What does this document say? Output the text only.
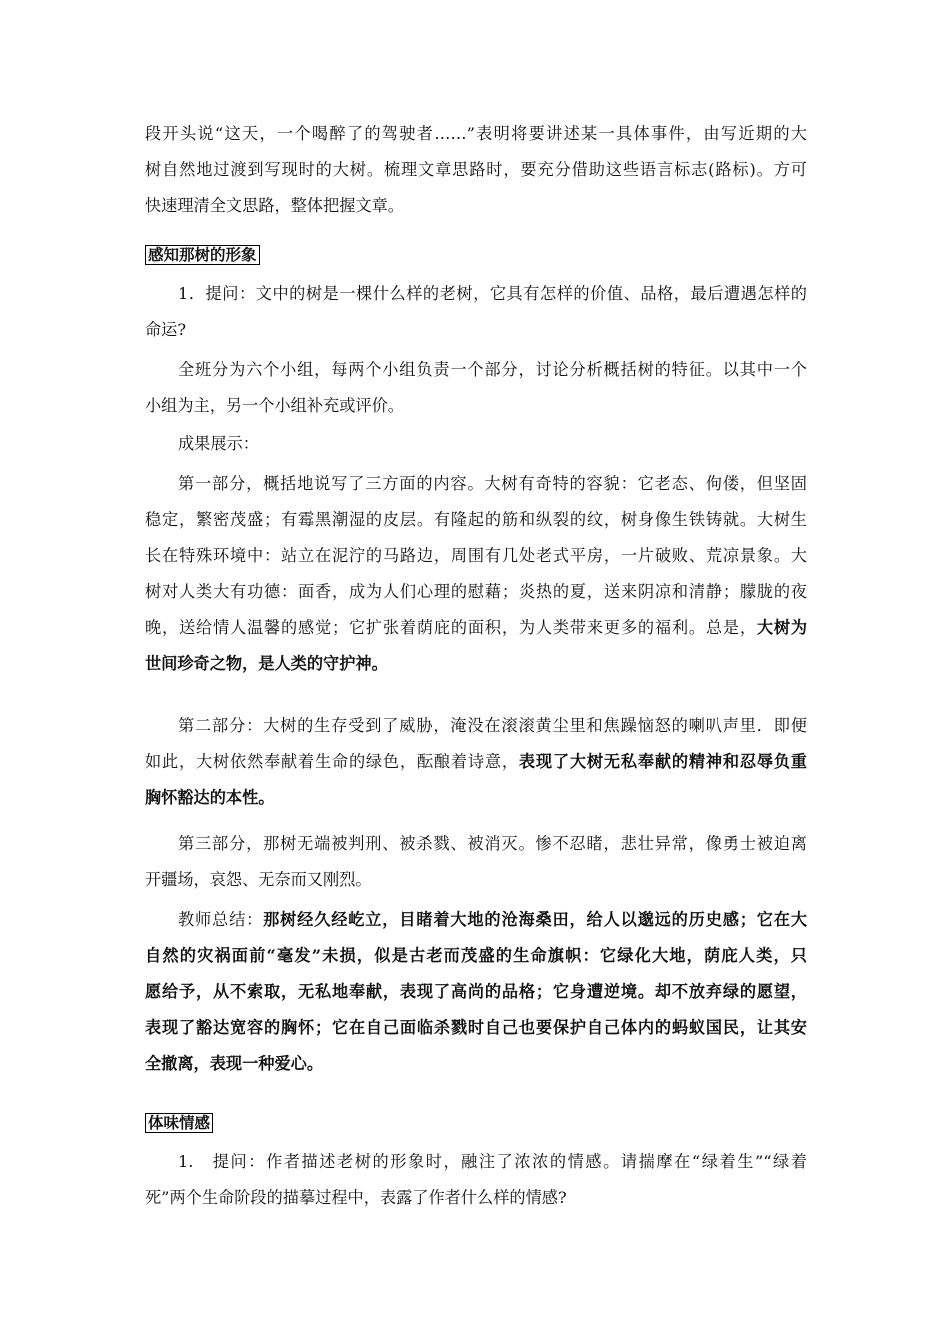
段开头说“这天，一个喝醉了的驾驶者……”表明将要讲述某一具体事件，由写近期的大
树自然地过渡到写现时的大树。梳理文章思路时，要充分借助这些语言标志(路标)。方可
快速理清全文思路，整体把握文章。
感知那树的形象
1．提问：文中的树是一棵什么样的老树，它具有怎样的价值、品格，最后遭遇怎样的
命运?
全班分为六个小组，每两个小组负责一个部分，讨论分析概括树的特征。以其中一个
小组为主，另一个小组补充或评价。
成果展示：
第一部分，概括地说写了三方面的内容。大树有奇特的容貌：它老态、佝偻，但坚固
稳定，繁密茂盛；有霉黑潮湿的皮层。有隆起的筋和纵裂的纹，树身像生铁铸就。大树生
长在特殊环境中：站立在泥泞的马路边，周围有几处老式平房，一片破败、荒凉景象。大
树对人类大有功德：面香，成为人们心理的慰藉；炎热的夏，送来阴凉和清静；朦胧的夜
晚，送给情人温馨的感觉；它扩张着荫庇的面积，为人类带来更多的福利。总是，大树为
世间珍奇之物，是人类的守护神。
第二部分：大树的生存受到了威胁，淹没在滚滚黄尘里和焦躁恼怒的喇叭声里．即便
如此，大树依然奉献着生命的绿色，酝酿着诗意，表现了大树无私奉献的精神和忍辱负重
胸怀豁达的本性。
第三部分，那树无端被判刑、被杀戮、被消灭。惨不忍睹，悲壮异常，像勇士被迫离
开疆场，哀怨、无奈而又刚烈。
教师总结：那树经久经屹立，目睹着大地的沧海桑田，给人以邈远的历史感；它在大
自然的灾祸面前“毫发”未损，似是古老而茂盛的生命旗帜：它绿化大地，荫庇人类，只
愿给予，从不索取，无私地奉献，表现了高尚的品格；它身遭逆境。却不放弃绿的愿望，
表现了豁达宽容的胸怀；它在自己面临杀戮时自己也要保护自己体内的蚂蚁国民，让其安
全撤离，表现一种爱心。
体味情感
1.　提问：作者描述老树的形象时，融注了浓浓的情感。请揣摩在“绿着生”“绿着
死”两个生命阶段的描摹过程中，表露了作者什么样的情感?
